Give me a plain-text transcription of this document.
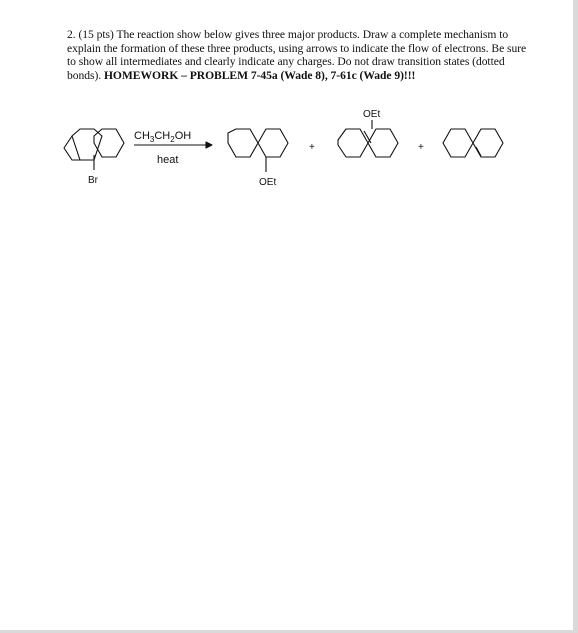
2. (15 pts) The reaction show below gives three major products. Draw a complete mechanism to explain the formation of these three products, using arrows to indicate the flow of electrons. Be sure to show all intermediates and clearly indicate any charges. Do not draw transition states (dotted bonds). HOMEWORK – PROBLEM 7-45a (Wade 8), 7-61c (Wade 9)!!!
$CH_3CH_2OH$
heat
Br	OEt
OEt
+	+
